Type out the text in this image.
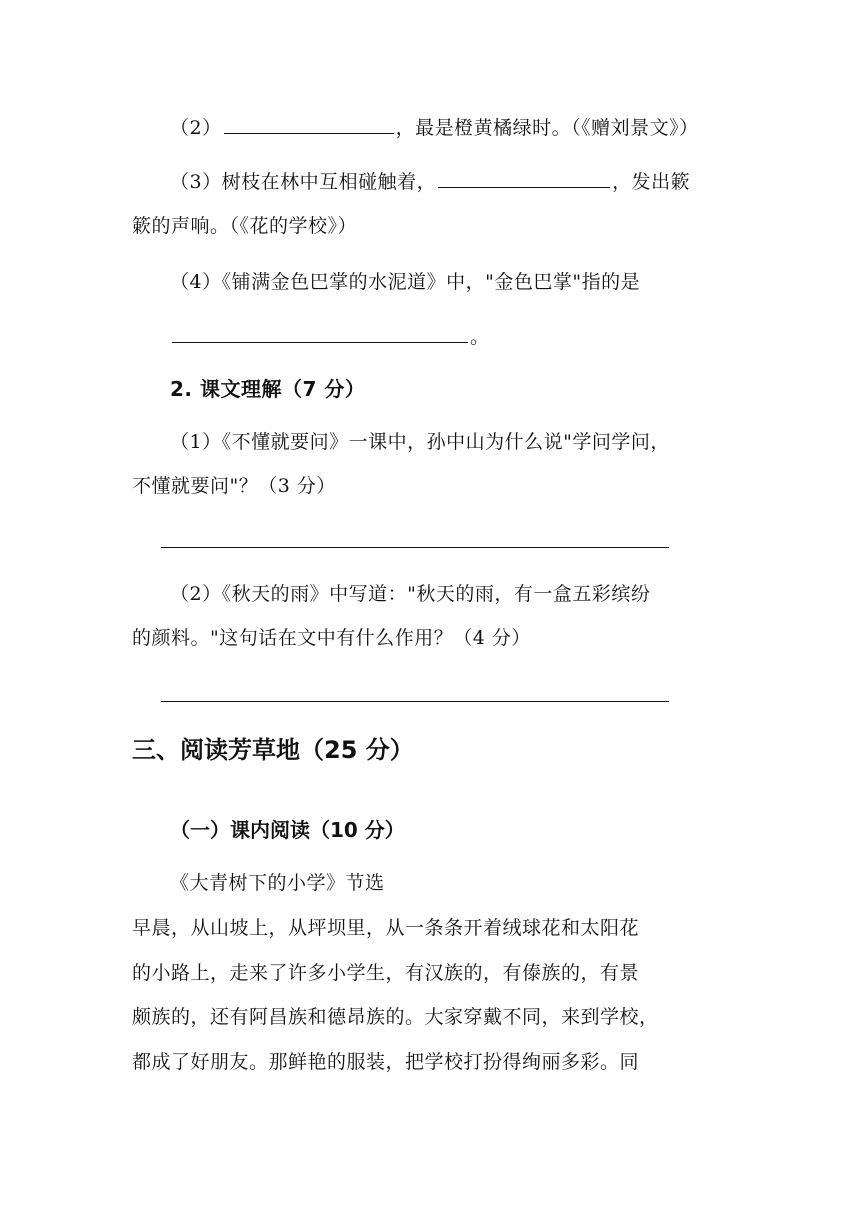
（2）	，最是橙黄橘绿时。（《赠刘景文》）
（3）树枝在林中互相碰触着，	，发出簌
簌的声响。（《花的学校》）
（4）《铺满金色巴掌的水泥道》中，"金色巴掌"指的是
。
2. 课文理解（7 分）
（1）《不懂就要问》一课中，孙中山为什么说"学问学问，
不懂就要问"？（3 分）
（2）《秋天的雨》中写道："秋天的雨，有一盒五彩缤纷
的颜料。"这句话在文中有什么作用？（4 分）
三、阅读芳草地（25 分）
（一）课内阅读（10 分）
《大青树下的小学》节选
早晨，从山坡上，从坪坝里，从一条条开着绒球花和太阳花
的小路上，走来了许多小学生，有汉族的，有傣族的，有景
颇族的，还有阿昌族和德昂族的。大家穿戴不同，来到学校，
都成了好朋友。那鲜艳的服装，把学校打扮得绚丽多彩。同
